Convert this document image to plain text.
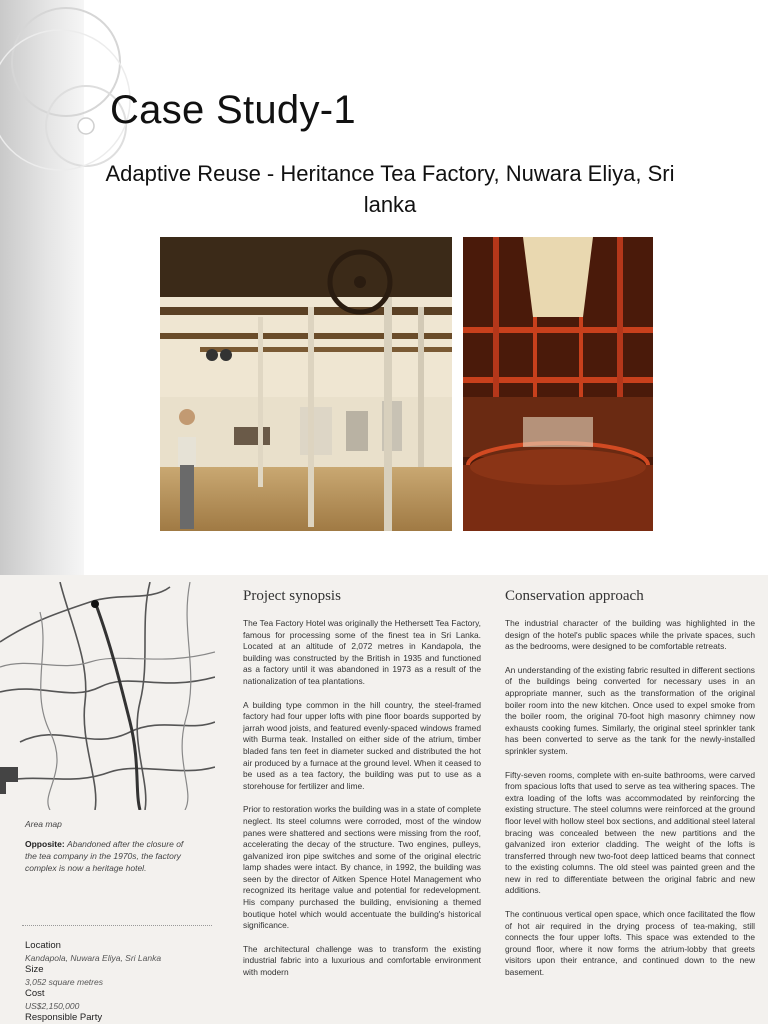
Case Study-1
Adaptive Reuse - Heritance Tea Factory, Nuwara Eliya, Sri lanka
Area map
Opposite: Abandoned after the closure of the tea company in the 1970s, the factory complex is now a heritage hotel.
Location
Kandapola, Nuwara Eliya, Sri Lanka
Size
3,052 square metres
Cost
US$2,150,000
Responsible Party
Project synopsis

The Tea Factory Hotel was originally the Hethersett Tea Factory, famous for processing some of the finest tea in Sri Lanka. Located at an altitude of 2,072 metres in Kandapola, the building was constructed by the British in 1935 and functioned as a factory until it was abandoned in 1973 as a result of the nationalization of tea plantations.

A building type common in the hill country, the steel-framed factory had four upper lofts with pine floor boards supported by jarrah wood joists, and featured evenly-spaced windows framed with Burma teak. Installed on either side of the atrium, timber bladed fans ten feet in diameter sucked and distributed the hot air produced by a furnace at the ground level. When it ceased to be used as a tea factory, the building was put to use as a storehouse for fertilizer and lime.

Prior to restoration works the building was in a state of complete neglect. Its steel columns were corroded, most of the window panes were shattered and sections were missing from the roof, accelerating the decay of the structure. Two engines, pulleys, galvanized iron pipe switches and some of the original electric lamp shades were intact. By chance, in 1992, the building was seen by the director of Aitken Spence Hotel Management who recognized its heritage value and potential for redevelopment. His company purchased the building, envisioning a themed boutique hotel which would accentuate the building's historical significance.

The architectural challenge was to transform the existing industrial fabric into a luxurious and comfortable environment with modern

Conservation approach

The industrial character of the building was highlighted in the design of the hotel's public spaces while the private spaces, such as the bedrooms, were designed to be comfortable retreats.

An understanding of the existing fabric resulted in different sections of the buildings being converted for necessary uses in an appropriate manner, such as the transformation of the original boiler room into the new kitchen. Once used to expel smoke from the boiler room, the original 70-foot high masonry chimney now exhausts cooking fumes. Similarly, the original steel sprinkler tank has been converted to serve as the tank for the newly-installed sprinkler system.

Fifty-seven rooms, complete with en-suite bathrooms, were carved from spacious lofts that used to serve as tea withering spaces. The extra loading of the lofts was accommodated by reinforcing the existing structure. The steel columns were reinforced at the ground floor level with hollow steel box sections, and additional steel lateral bracing was concealed between the new partitions and the galvanized iron exterior cladding. The weight of the lofts is transferred through new two-foot deep latticed beams that connect to the existing columns. The old steel was painted green and the new in red to differentiate between the original fabric and new additions.

The continuous vertical open space, which once facilitated the flow of hot air required in the drying process of tea-making, still connects the four upper lofts. This space was extended to the ground floor, where it now forms the atrium-lobby that greets visitors upon their entrance, and continued down to the new basement.
